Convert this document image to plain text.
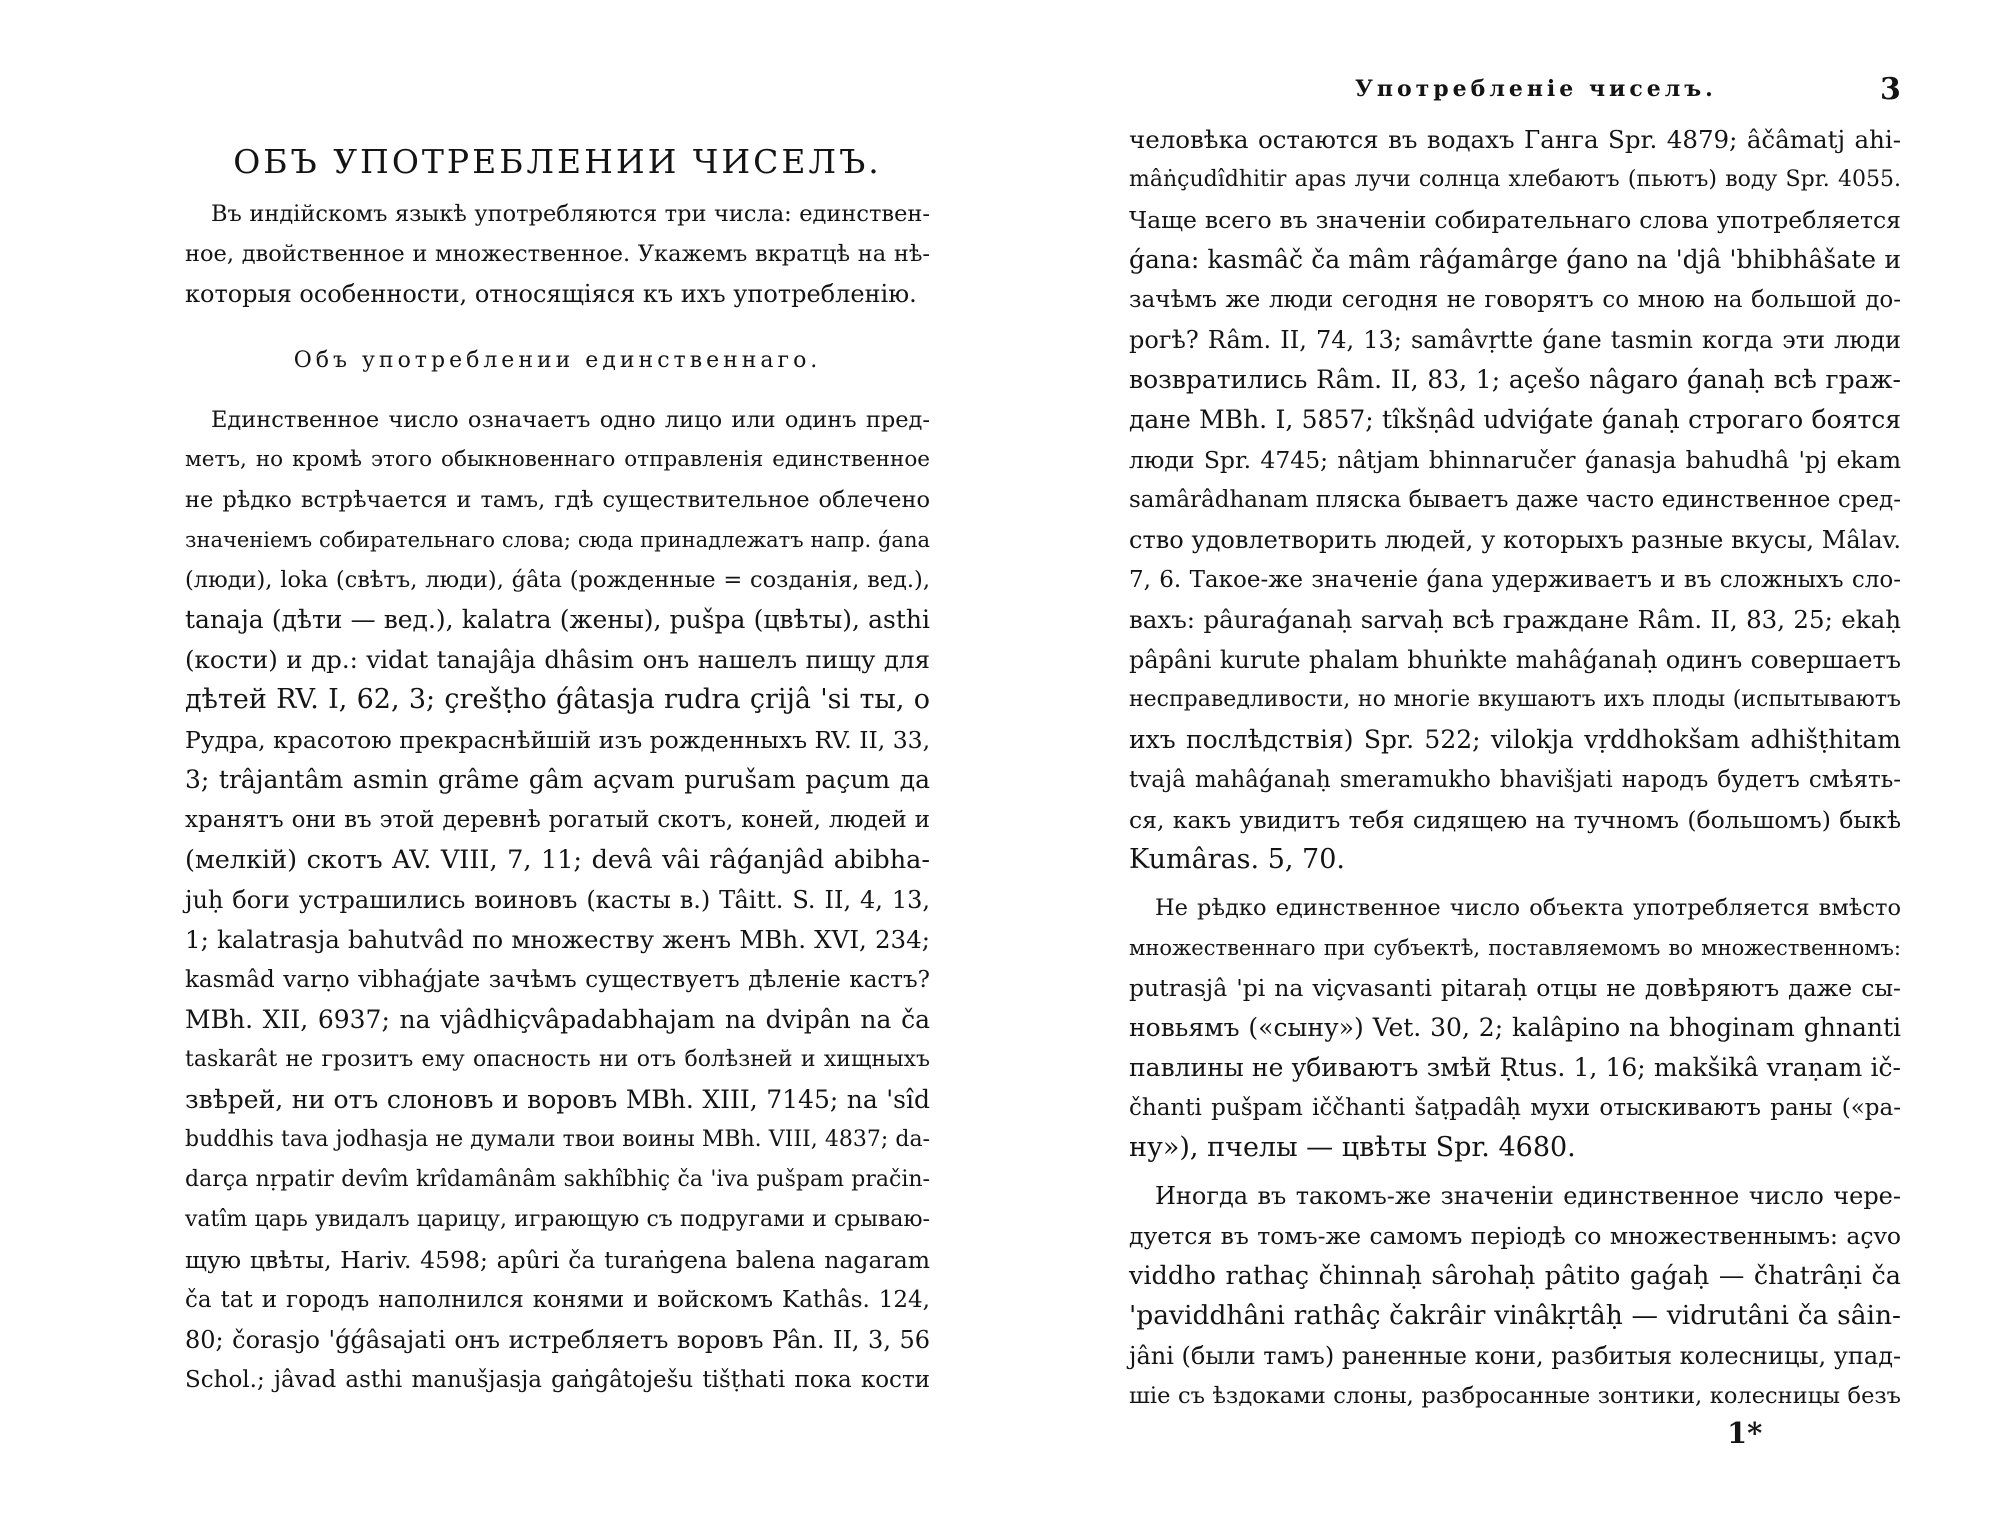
ОБЪ УПОТРЕБЛЕНИИ ЧИСЕЛЪ.
Въ индійскомъ языкѣ употребляются три числа: единствен-
ное, двойственное и множественное. Укажемъ вкратцѣ на нѣ-
которыя особенности, относящіяся къ ихъ употребленію.
Объ употреблении единственнаго.
Единственное число означаетъ одно лицо или одинъ пред-
метъ, но кромѣ этого обыкновеннаго отправленія единственное
не рѣдко встрѣчается и тамъ, гдѣ существительное облечено
значеніемъ собирательнаго слова; сюда принадлежатъ напр. ǵana
(люди), loka (свѣтъ, люди), ǵâta (рожденные = созданія, вед.),
tanaja (дѣти — вед.), kalatra (жены), pušpa (цвѣты), asthi
(кости) и др.: vidat tanajâja dhâsim онъ нашелъ пищу для
дѣтей RV. I, 62, 3; çrešṭho ǵâtasja rudra çrijâ 'si ты, о
Рудра, красотою прекраснѣйшій изъ рожденныхъ RV. II, 33,
3; trâjantâm asmin grâme gâm açvam purušam paçum да
хранятъ они въ этой деревнѣ рогатый скотъ, коней, людей и
(мелкій) скотъ AV. VIII, 7, 11; devâ vâi râǵanjâd abibha-
juḥ боги устрашились воиновъ (касты в.) Tâitt. S. II, 4, 13,
1; kalatrasja bahutvâd по множеству женъ MBh. XVI, 234;
kasmâd varṇo vibhaǵjate зачѣмъ существуетъ дѣленіе кастъ?
MBh. XII, 6937; na vjâdhiçvâpadabhajam na dvipân na ča
taskarât не грозитъ ему опасность ни отъ болѣзней и хищныхъ
звѣрей, ни отъ слоновъ и воровъ MBh. XIII, 7145; na 'sîd
buddhis tava jodhasja не думали твои воины MBh. VIII, 4837; da-
darça nṛpatir devîm krîdamânâm sakhîbhiç ča 'iva pušpam pračin-
vatîm царь увидалъ царицу, играющую съ подругами и срываю-
щую цвѣты, Hariv. 4598; apûri ča turaṅgena balena nagaram
ča tat и городъ наполнился конями и войскомъ Kathâs. 124,
80; čorasjo 'ǵǵâsajati онъ истребляетъ воровъ Pân. II, 3, 56
Schol.; jâvad asthi manušjasja gaṅgâtoješu tišṭhati пока кости
Употребленіе чиселъ.	3
человѣка остаются въ водахъ Ганга Spr. 4879; âčâmatj ahi-
mâṅçudîdhitir apas лучи солнца хлебаютъ (пьютъ) воду Spr. 4055.
Чаще всего въ значеніи собирательнаго слова употребляется
ǵana: kasmâč ča mâm râǵamârge ǵano na 'djâ 'bhibhâšate и
зачѣмъ же люди сегодня не говорятъ со мною на большой до-
рогѣ? Râm. II, 74, 13; samâvṛtte ǵane tasmin когда эти люди
возвратились Râm. II, 83, 1; açešo nâgaro ǵanaḥ всѣ граж-
дане MBh. I, 5857; tîkšṇâd udviǵate ǵanaḥ строгаго боятся
люди Spr. 4745; nâtjam bhinnaručer ǵanasja bahudhâ 'pj ekam
samârâdhanam пляска бываетъ даже часто единственное сред-
ство удовлетворить людей, у которыхъ разные вкусы, Mâlav.
7, 6. Такое-же значеніе ǵana удерживаетъ и въ сложныхъ сло-
вахъ: pâuraǵanaḥ sarvaḥ всѣ граждане Râm. II, 83, 25; ekaḥ
pâpâni kurute phalam bhuṅkte mahâǵanaḥ одинъ совершаетъ
несправедливости, но многіе вкушаютъ ихъ плоды (испытываютъ
ихъ послѣдствія) Spr. 522; vilokja vṛddhokšam adhišṭhitam
tvajâ mahâǵanaḥ smeramukho bhavišjati народъ будетъ смѣять-
ся, какъ увидитъ тебя сидящею на тучномъ (большомъ) быкѣ
Kumâras. 5, 70.
Не рѣдко единственное число объекта употребляется вмѣсто
множественнаго при субъектѣ, поставляемомъ во множественномъ:
putrasjâ 'pi na viçvasanti pitaraḥ отцы не довѣряютъ даже сы-
новьямъ («сыну») Vet. 30, 2; kalâpino na bhoginam ghnanti
павлины не убиваютъ змѣй Ṛtus. 1, 16; makšikâ vraṇam ič-
čhanti pušpam iččhanti šaṭpadâḥ мухи отыскиваютъ раны («ра-
ну»), пчелы — цвѣты Spr. 4680.
Иногда въ такомъ-же значеніи единственное число чере-
дуется въ томъ-же самомъ періодѣ со множественнымъ: açvo
viddho rathaç čhinnaḥ sârohaḥ pâtito gaǵaḥ — čhatrâṇi ča
'paviddhâni rathâç čakrâir vinâkṛtâḥ — vidrutâni ča sâin-
jâni (были тамъ) раненные кони, разбитыя колесницы, упад-
шіе съ ѣздоками слоны, разбросанные зонтики, колесницы безъ
1*
